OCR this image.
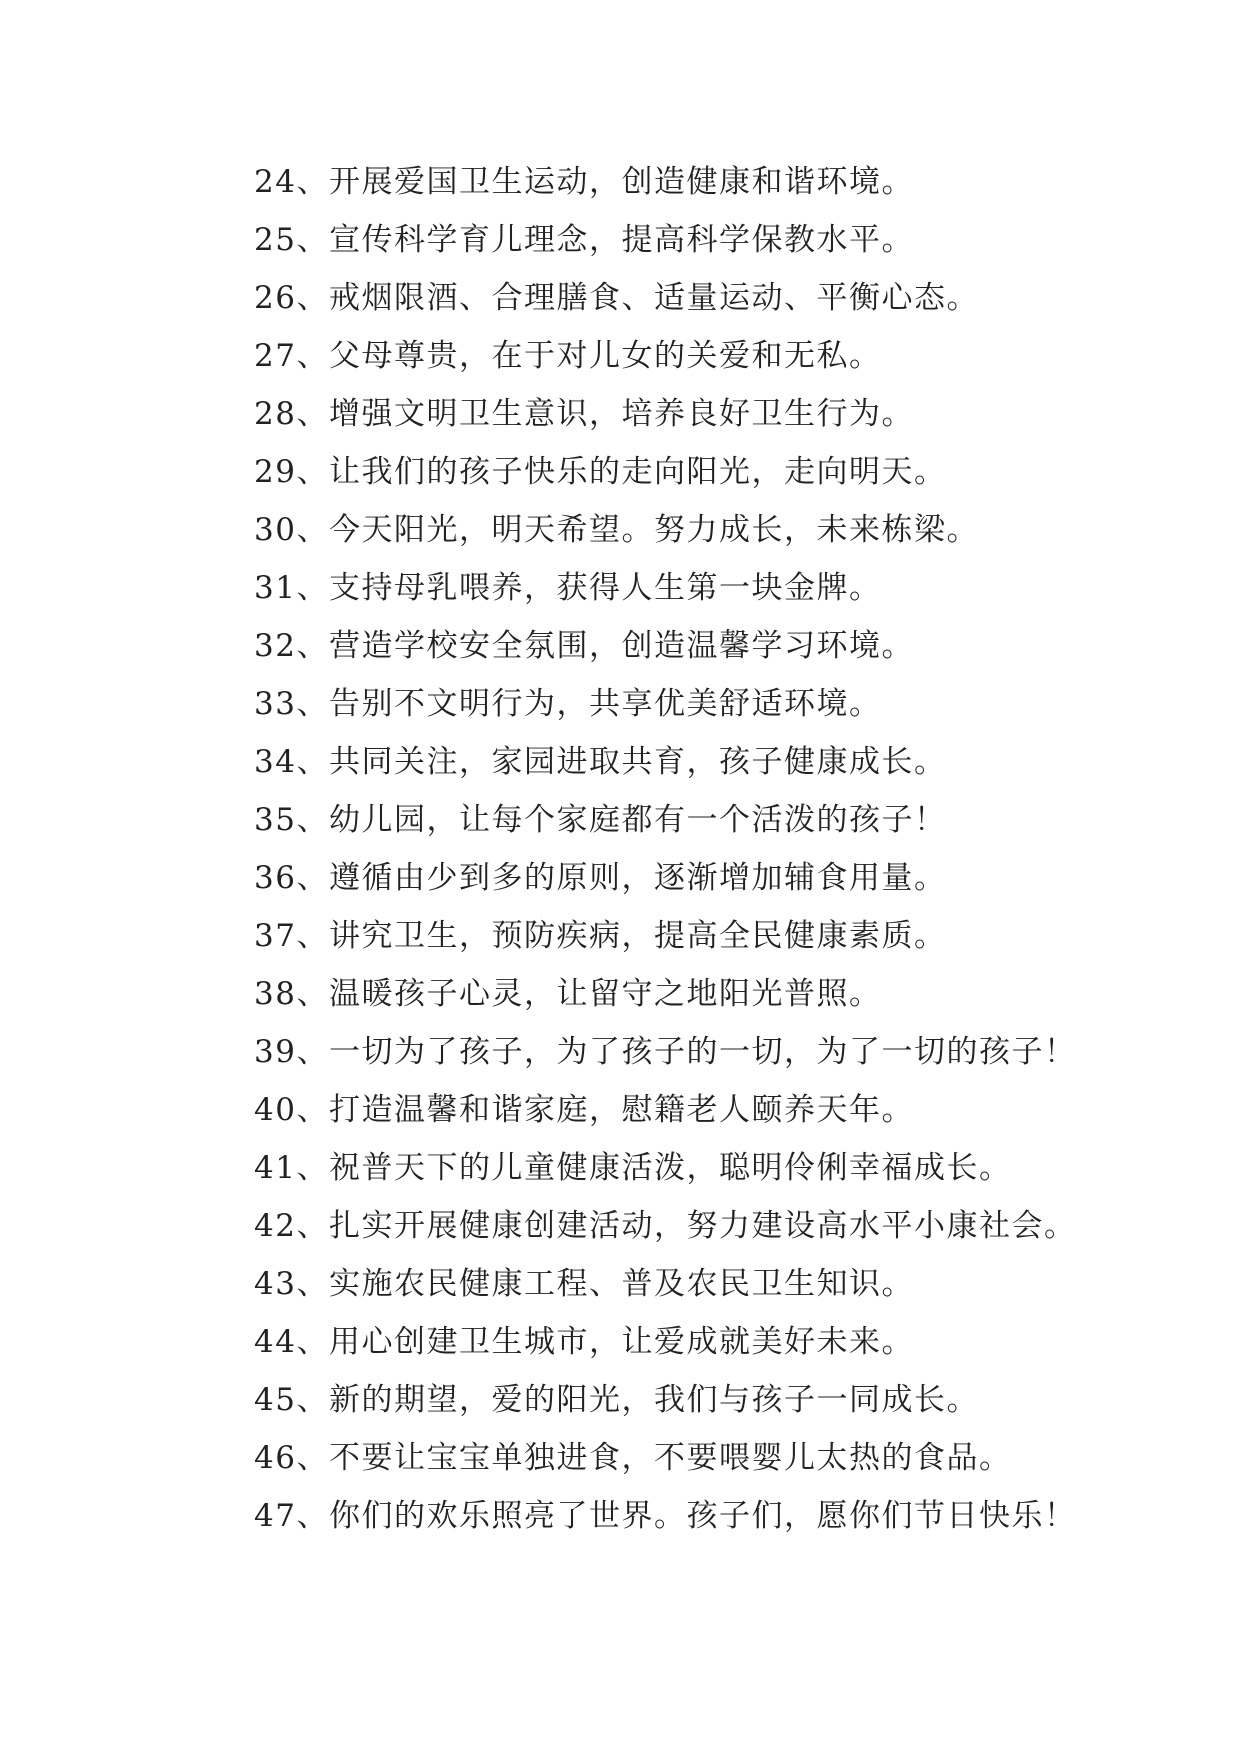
24、开展爱国卫生运动，创造健康和谐环境。
25、宣传科学育儿理念，提高科学保教水平。
26、戒烟限酒、合理膳食、适量运动、平衡心态。
27、父母尊贵，在于对儿女的关爱和无私。
28、增强文明卫生意识，培养良好卫生行为。
29、让我们的孩子快乐的走向阳光，走向明天。
30、今天阳光，明天希望。努力成长，未来栋梁。
31、支持母乳喂养，获得人生第一块金牌。
32、营造学校安全氛围，创造温馨学习环境。
33、告别不文明行为，共享优美舒适环境。
34、共同关注，家园进取共育，孩子健康成长。
35、幼儿园，让每个家庭都有一个活泼的孩子！
36、遵循由少到多的原则，逐渐增加辅食用量。
37、讲究卫生，预防疾病，提高全民健康素质。
38、温暖孩子心灵，让留守之地阳光普照。
39、一切为了孩子，为了孩子的一切，为了一切的孩子！
40、打造温馨和谐家庭，慰籍老人颐养天年。
41、祝普天下的儿童健康活泼，聪明伶俐幸福成长。
42、扎实开展健康创建活动，努力建设高水平小康社会。
43、实施农民健康工程、普及农民卫生知识。
44、用心创建卫生城市，让爱成就美好未来。
45、新的期望，爱的阳光，我们与孩子一同成长。
46、不要让宝宝单独进食，不要喂婴儿太热的食品。
47、你们的欢乐照亮了世界。孩子们，愿你们节日快乐！
